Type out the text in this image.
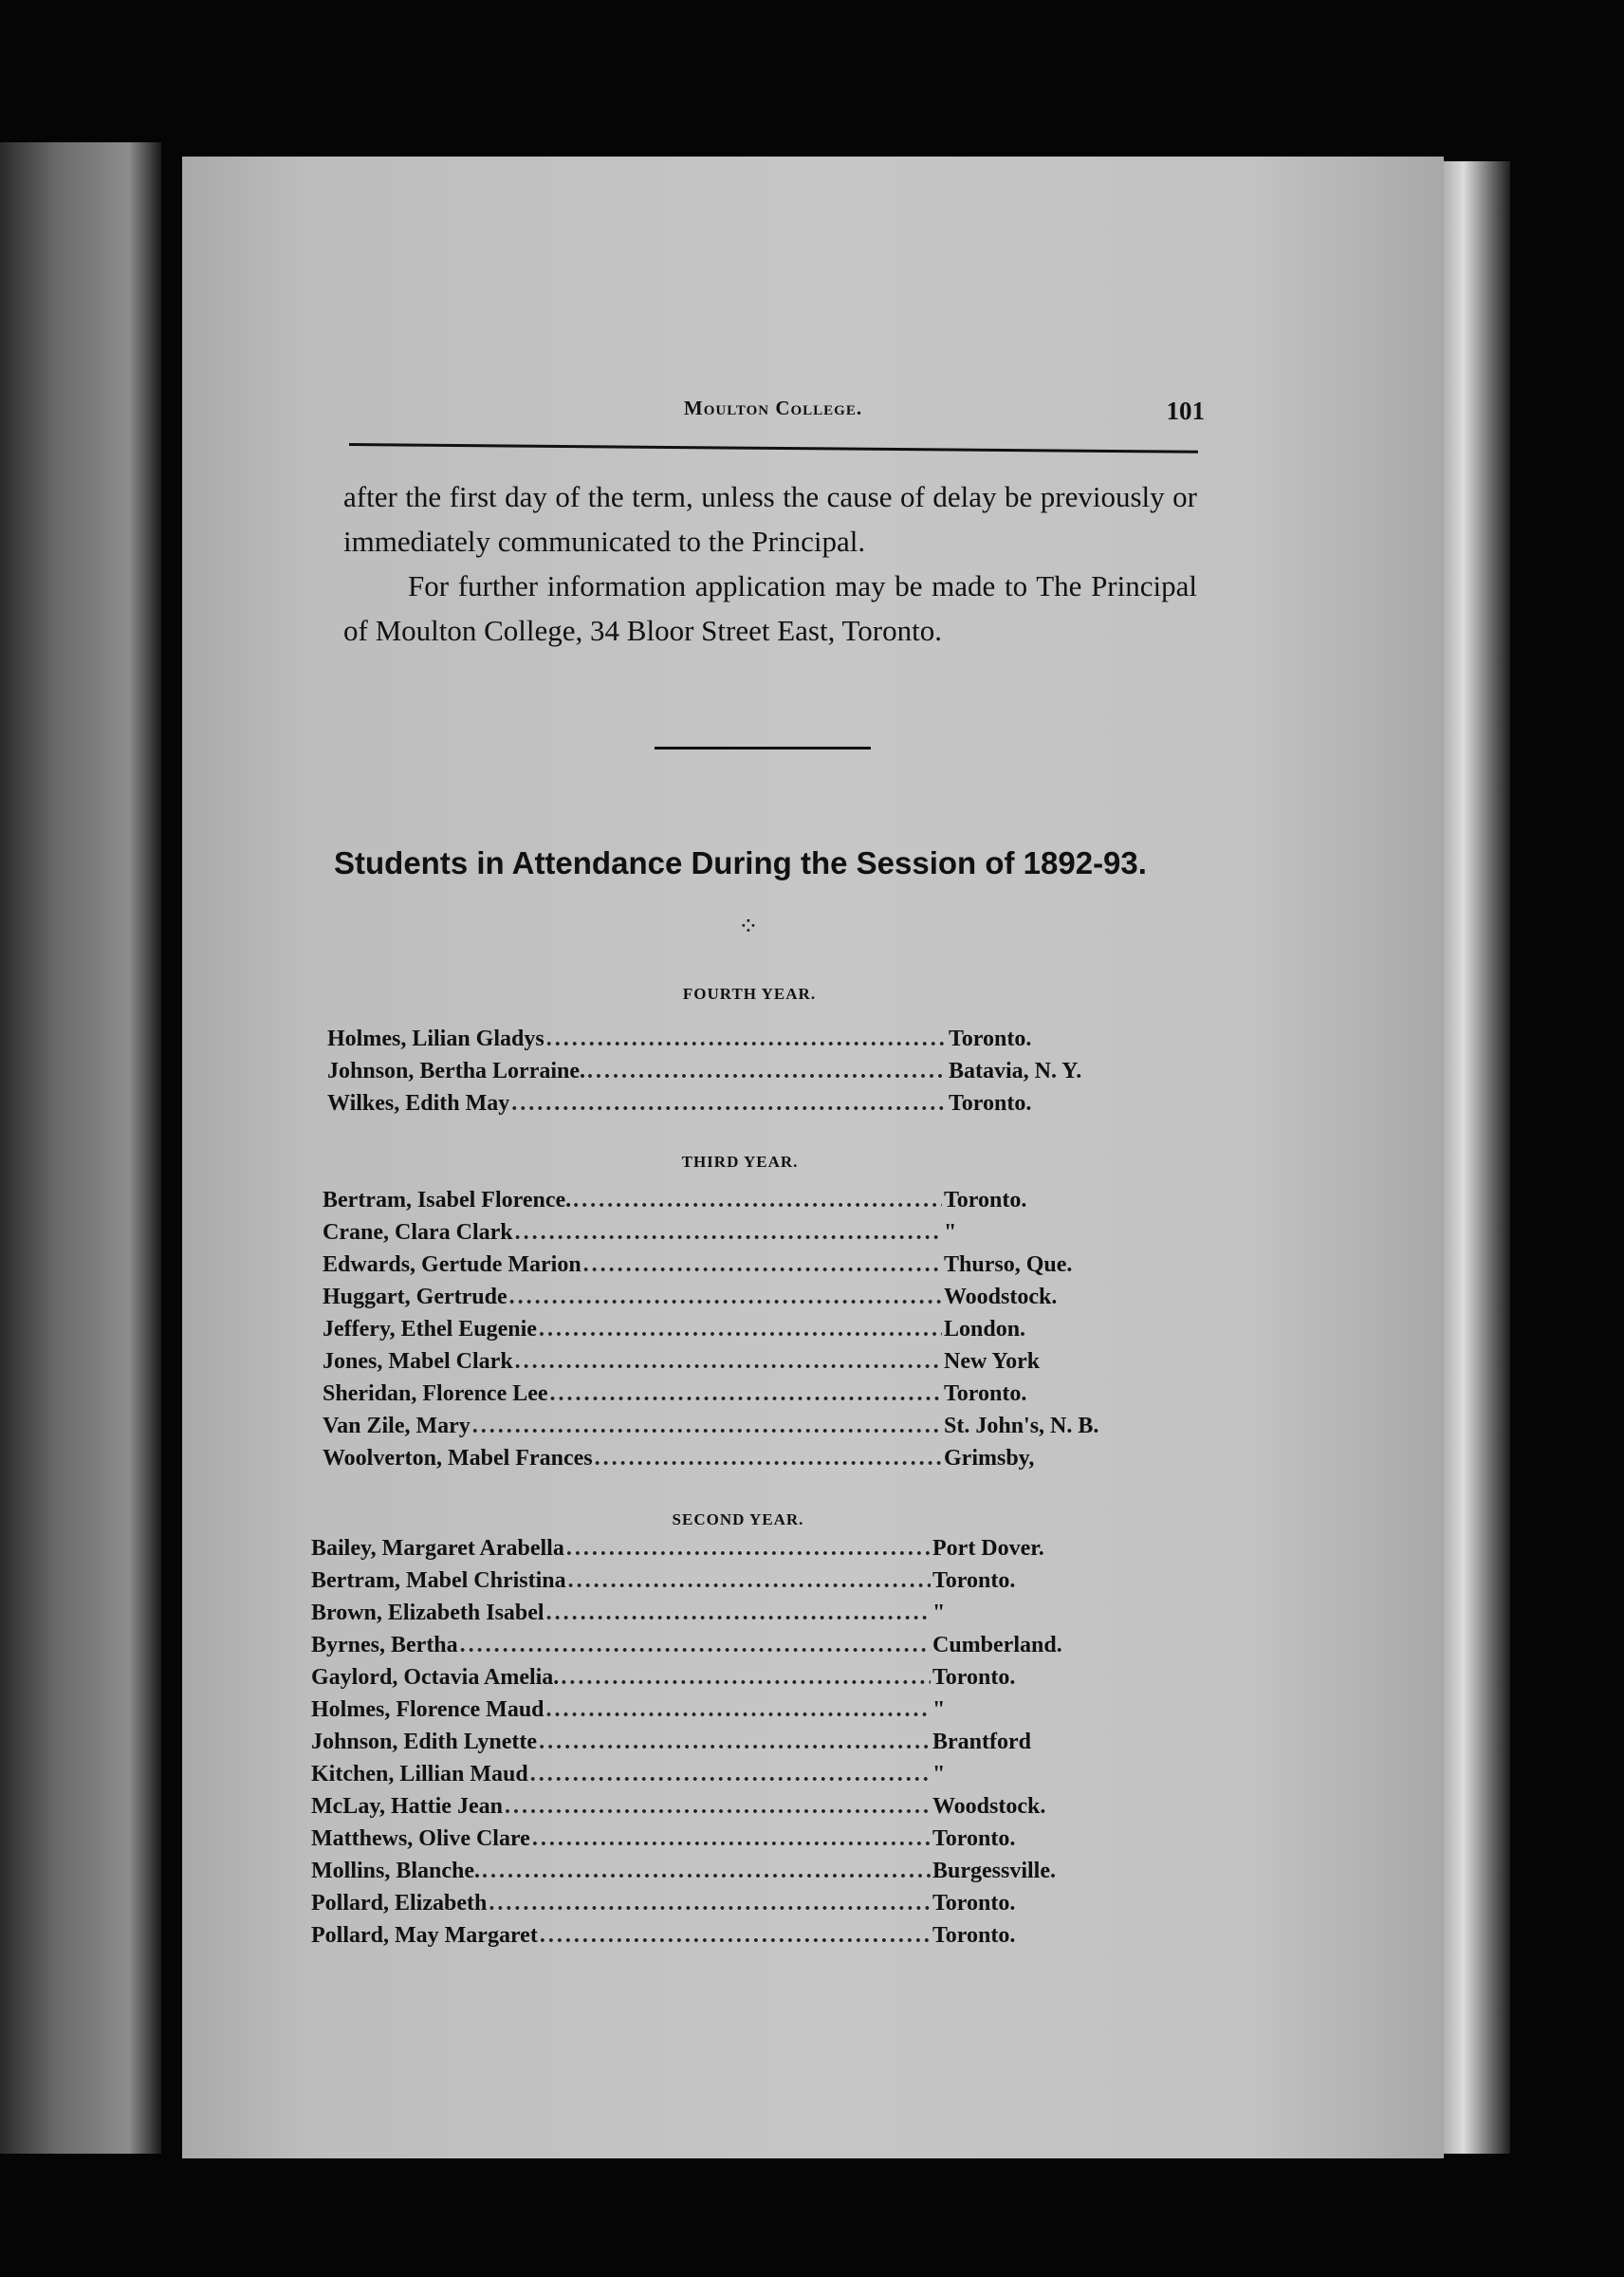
Moulton College.	101
after the first day of the term, unless the cause of delay be previously or immediately communicated to the Principal.
For further information application may be made to The Principal of Moulton College, 34 Bloor Street East, Toronto.
Students in Attendance During the Session of 1892-93.
⁘
FOURTH YEAR.
Holmes, Lilian Gladys .....	Toronto.
Johnson, Bertha Lorraine. .....	Batavia, N. Y.
Wilkes, Edith May .....	Toronto.
THIRD YEAR.
Bertram, Isabel Florence. .....	Toronto.
Crane, Clara Clark .....	"
Edwards, Gertude Marion .....	Thurso, Que.
Huggart, Gertrude .....	Woodstock.
Jeffery, Ethel Eugenie .....	London.
Jones, Mabel Clark .....	New York
Sheridan, Florence Lee .....	Toronto.
Van Zile, Mary .....	St. John's, N. B.
Woolverton, Mabel Frances .....	Grimsby,
SECOND YEAR.
Bailey, Margaret Arabella .....	Port Dover.
Bertram, Mabel Christina .....	Toronto.
Brown, Elizabeth Isabel .....	"
Byrnes, Bertha .....	Cumberland.
Gaylord, Octavia Amelia. .....	Toronto.
Holmes, Florence Maud .....	"
Johnson, Edith Lynette .....	Brantford
Kitchen, Lillian Maud .....	"
McLay, Hattie Jean .....	Woodstock.
Matthews, Olive Clare .....	Toronto.
Mollins, Blanche. .....	Burgessville.
Pollard, Elizabeth .....	Toronto.
Pollard, May Margaret .....	Toronto.
